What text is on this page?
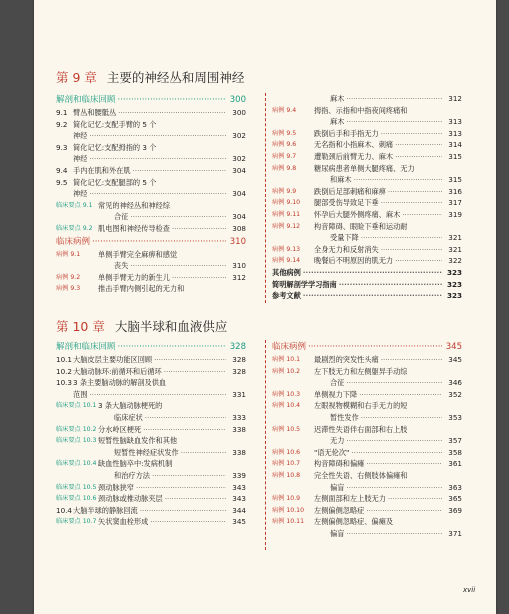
第 9 章 主要的神经丛和周围神经
解剖和临床回顾 ·····	300
9.1 臂丛和腰骶丛 ·····	300
9.2 简化记忆:支配手臂的 5 个
神经 ·····	302
9.3 简化记忆:支配拇指的 3 个
神经 ·····	302
9.4 手内在肌和外在肌 ·····	304
9.5 简化记忆:支配腿部的 5 个
神经 ·····	304
临床要点 9.1 常见的神经丛和神经综
合征 ·····	304
临床要点 9.2 肌电图和神经传导检查 ·····	308
临床病例 ·····	310
病例 9.1	单侧手臂完全麻痹和感觉
丧失 ·····	310
病例 9.2	单侧手臂无力的新生儿 ·····	312
病例 9.3	推击手臂内侧引起的无力和
麻木 ·····	312
病例 9.4	拇指、示指和中指夜间疼痛和
麻木 ·····	313
病例 9.5	跌倒后手和手指无力 ·····	313
病例 9.6	无名指和小指麻木、刺痛 ·····	314
病例 9.7	遭勒颈后前臂无力、麻木 ·····	315
病例 9.8	糖尿病患者单侧大腿疼痛、无力
和麻木 ·····	315
病例 9.9	跌倒后足部刺痛和麻痹 ·····	316
病例 9.10	腿部受伤导致足下垂 ·····	317
病例 9.11	怀孕后大腿外侧疼痛、麻木 ·····	319
病例 9.12	构音障碍、眼睑下垂和运动耐
受量下降 ·····	321
病例 9.13	全身无力和反射消失 ·····	321
病例 9.14	晚餐后不明原因的肌无力 ·····	322
其他病例 ·····	323
简明解剖学学习指南 ·····	323
参考文献 ·····	323
第 10 章 大脑半球和血液供应
解剖和临床回顾 ·····	328
10.1 大脑皮层主要功能区回顾 ·····	328
10.2 大脑动脉环:前循环和后循环 ·····	328
10.3 3 条主要脑动脉的解剖及供血
范围 ·····	331
临床要点 10.1 3 条大脑动脉梗死的
临床症状 ·····	333
临床要点 10.2 分水岭区梗死 ·····	338
临床要点 10.3 短暂性脑缺血发作和其他
短暂性神经症状发作 ·····	338
临床要点 10.4 缺血性脑卒中:发病机制
和治疗方法 ·····	339
临床要点 10.5 颈动脉狭窄 ·····	343
临床要点 10.6 颈动脉或椎动脉夹层 ·····	343
10.4 大脑半球的静脉回流 ·····	344
临床要点 10.7 矢状窦血栓形成 ·····	345
临床病例 ·····	345
病例 10.1	最剧烈的突发性头痛 ·····	345
病例 10.2	左下肢无力和左侧躯异手动综
合征 ·····	346
病例 10.3	单侧视力下降 ·····	352
病例 10.4	左眼视物模糊和右手无力的短
暂性发作 ·····	353
病例 10.5	迟滞性失语伴右面部和右上肢
无力 ·····	357
病例 10.6	"语无伦次" ·····	358
病例 10.7	构音障碍和偏瘫 ·····	361
病例 10.8	完全性失语、右侧肢体偏瘫和
偏盲 ·····	363
病例 10.9	左侧面部和左上肢无力 ·····	365
病例 10.10	左侧偏侧忽略症 ·····	369
病例 10.11	左侧偏侧忽略症、偏瘫及
偏盲 ·····	371
xvii
